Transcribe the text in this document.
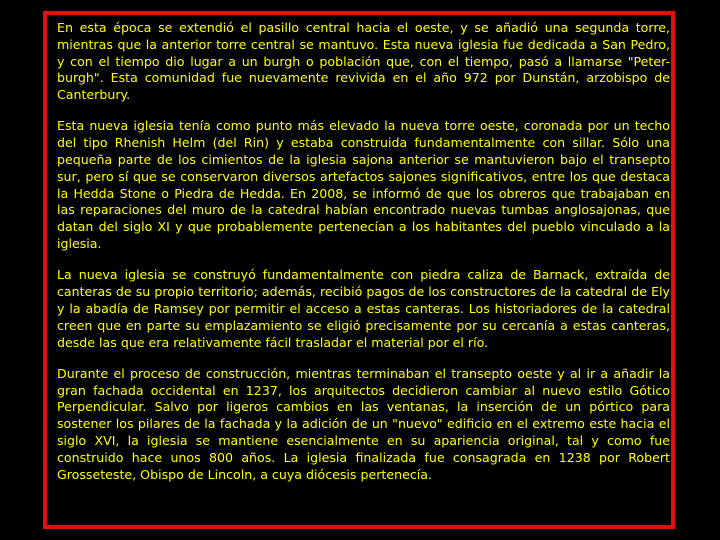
En esta época se extendió el pasillo central hacia el oeste, y se añadió una segunda torre, mientras que la anterior torre central se mantuvo. Esta nueva iglesia fue dedicada a San Pedro, y con el tiempo dio lugar a un burgh o población que, con el tiempo, pasó a llamarse "Peter-burgh". Esta comunidad fue nuevamente revivida en el año 972 por Dunstán, arzobispo de Canterbury.

Esta nueva iglesia tenía como punto más elevado la nueva torre oeste, coronada por un techo del tipo Rhenish Helm (del Rin) y estaba construida fundamentalmente con sillar. Sólo una pequeña parte de los cimientos de la iglesia sajona anterior se mantuvieron bajo el transepto sur, pero sí que se conservaron diversos artefactos sajones significativos, entre los que destaca la Hedda Stone o Piedra de Hedda. En 2008, se informó de que los obreros que trabajaban en las reparaciones del muro de la catedral habían encontrado nuevas tumbas anglosajonas, que datan del siglo XI y que probablemente pertenecían a los habitantes del pueblo vinculado a la iglesia.

La nueva iglesia se construyó fundamentalmente con piedra caliza de Barnack, extraída de canteras de su propio territorio; además, recibió pagos de los constructores de la catedral de Ely y la abadía de Ramsey por permitir el acceso a estas canteras. Los historiadores de la catedral creen que en parte su emplazamiento se eligió precisamente por su cercanía a estas canteras, desde las que era relativamente fácil trasladar el material por el río.

Durante el proceso de construcción, mientras terminaban el transepto oeste y al ir a añadir la gran fachada occidental en 1237, los arquitectos decidieron cambiar al nuevo estilo Gótico Perpendicular. Salvo por ligeros cambios en las ventanas, la inserción de un pórtico para sostener los pilares de la fachada y la adición de un "nuevo" edificio en el extremo este hacia el siglo XVI, la iglesia se mantiene esencialmente en su apariencia original, tal y como fue construido hace unos 800 años. La iglesia finalizada fue consagrada en 1238 por Robert Grosseteste, Obispo de Lincoln, a cuya diócesis pertenecía.
